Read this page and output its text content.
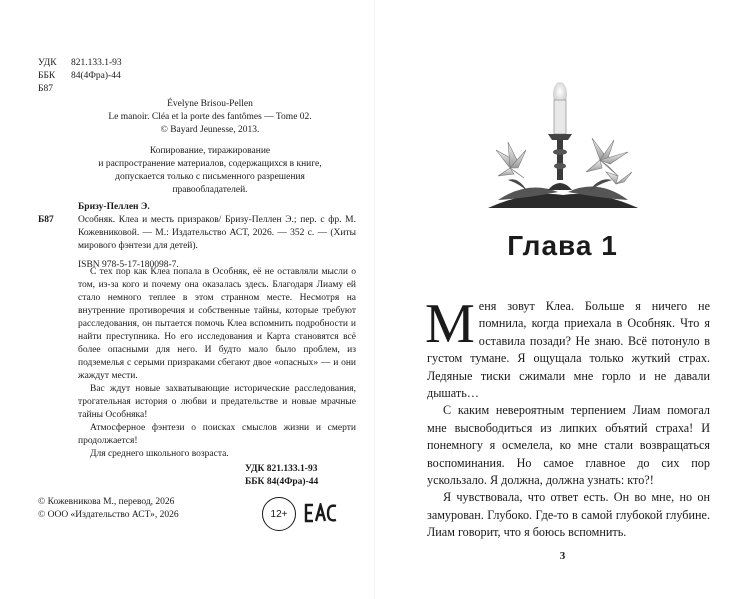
УДК 821.133.1-93
ББК 84(4Фра)-44
Б87
Évelyne Brisou-Pellen
Le manoir. Cléa et la porte des fantômes — Tome 02.
© Bayard Jeunesse, 2013.
Копирование, тиражирование
и распространение материалов, содержащихся в книге,
допускается только с письменного разрешения
правообладателей.
Бризу-Пеллен Э.
Б87	Особняк. Клеа и месть призраков/ Бризу-Пеллен Э.; пер. с фр. М. Кожевниковой. — М.: Издательство АСТ, 2026. — 352 с. — (Хиты мирового фэнтези для детей).
ISBN 978-5-17-180098-7.

С тех пор как Клеа попала в Особняк, её не оставляли мысли о том, из-за кого и почему она оказалась здесь. Благодаря Лиаму ей стало немного теплее в этом странном месте. Несмотря на внутренние противоречия и собственные тайны, которые требуют расследования, он пытается помочь Клеа вспомнить подробности и найти преступника. Но его исследования и Карта становятся всё более опасными для него. И будто мало было проблем, из подземелья с серыми призраками сбегают двое «опасных» — и они жаждут мести.

Вас ждут новые захватывающие исторические расследования, трогательная история о любви и предательстве и новые мрачные тайны Особняка!

Атмосферное фэнтези о поисках смыслов жизни и смерти продолжается!

Для среднего школьного возраста.

УДК 821.133.1-93
ББК 84(4Фра)-44
12+
© Кожевникова М., перевод, 2026
© ООО «Издательство АСТ», 2026
Глава 1

Меня зовут Клеа. Больше я ничего не помнила, когда приехала в Особняк. Что я оставила позади? Не знаю. Всё потонуло в густом тумане. Я ощущала только жуткий страх. Ледяные тиски сжимали мне горло и не давали дышать…

С каким невероятным терпением Лиам помогал мне высвободиться из липких объятий страха! И понемногу я осмелела, ко мне стали возвращаться воспоминания. Но самое главное до сих пор ускользало. Я должна, должна узнать: кто?!

Я чувствовала, что ответ есть. Он во мне, но он замурован. Глубоко. Где-то в самой глубокой глубине. Лиам говорит, что я боюсь вспомнить.

3
